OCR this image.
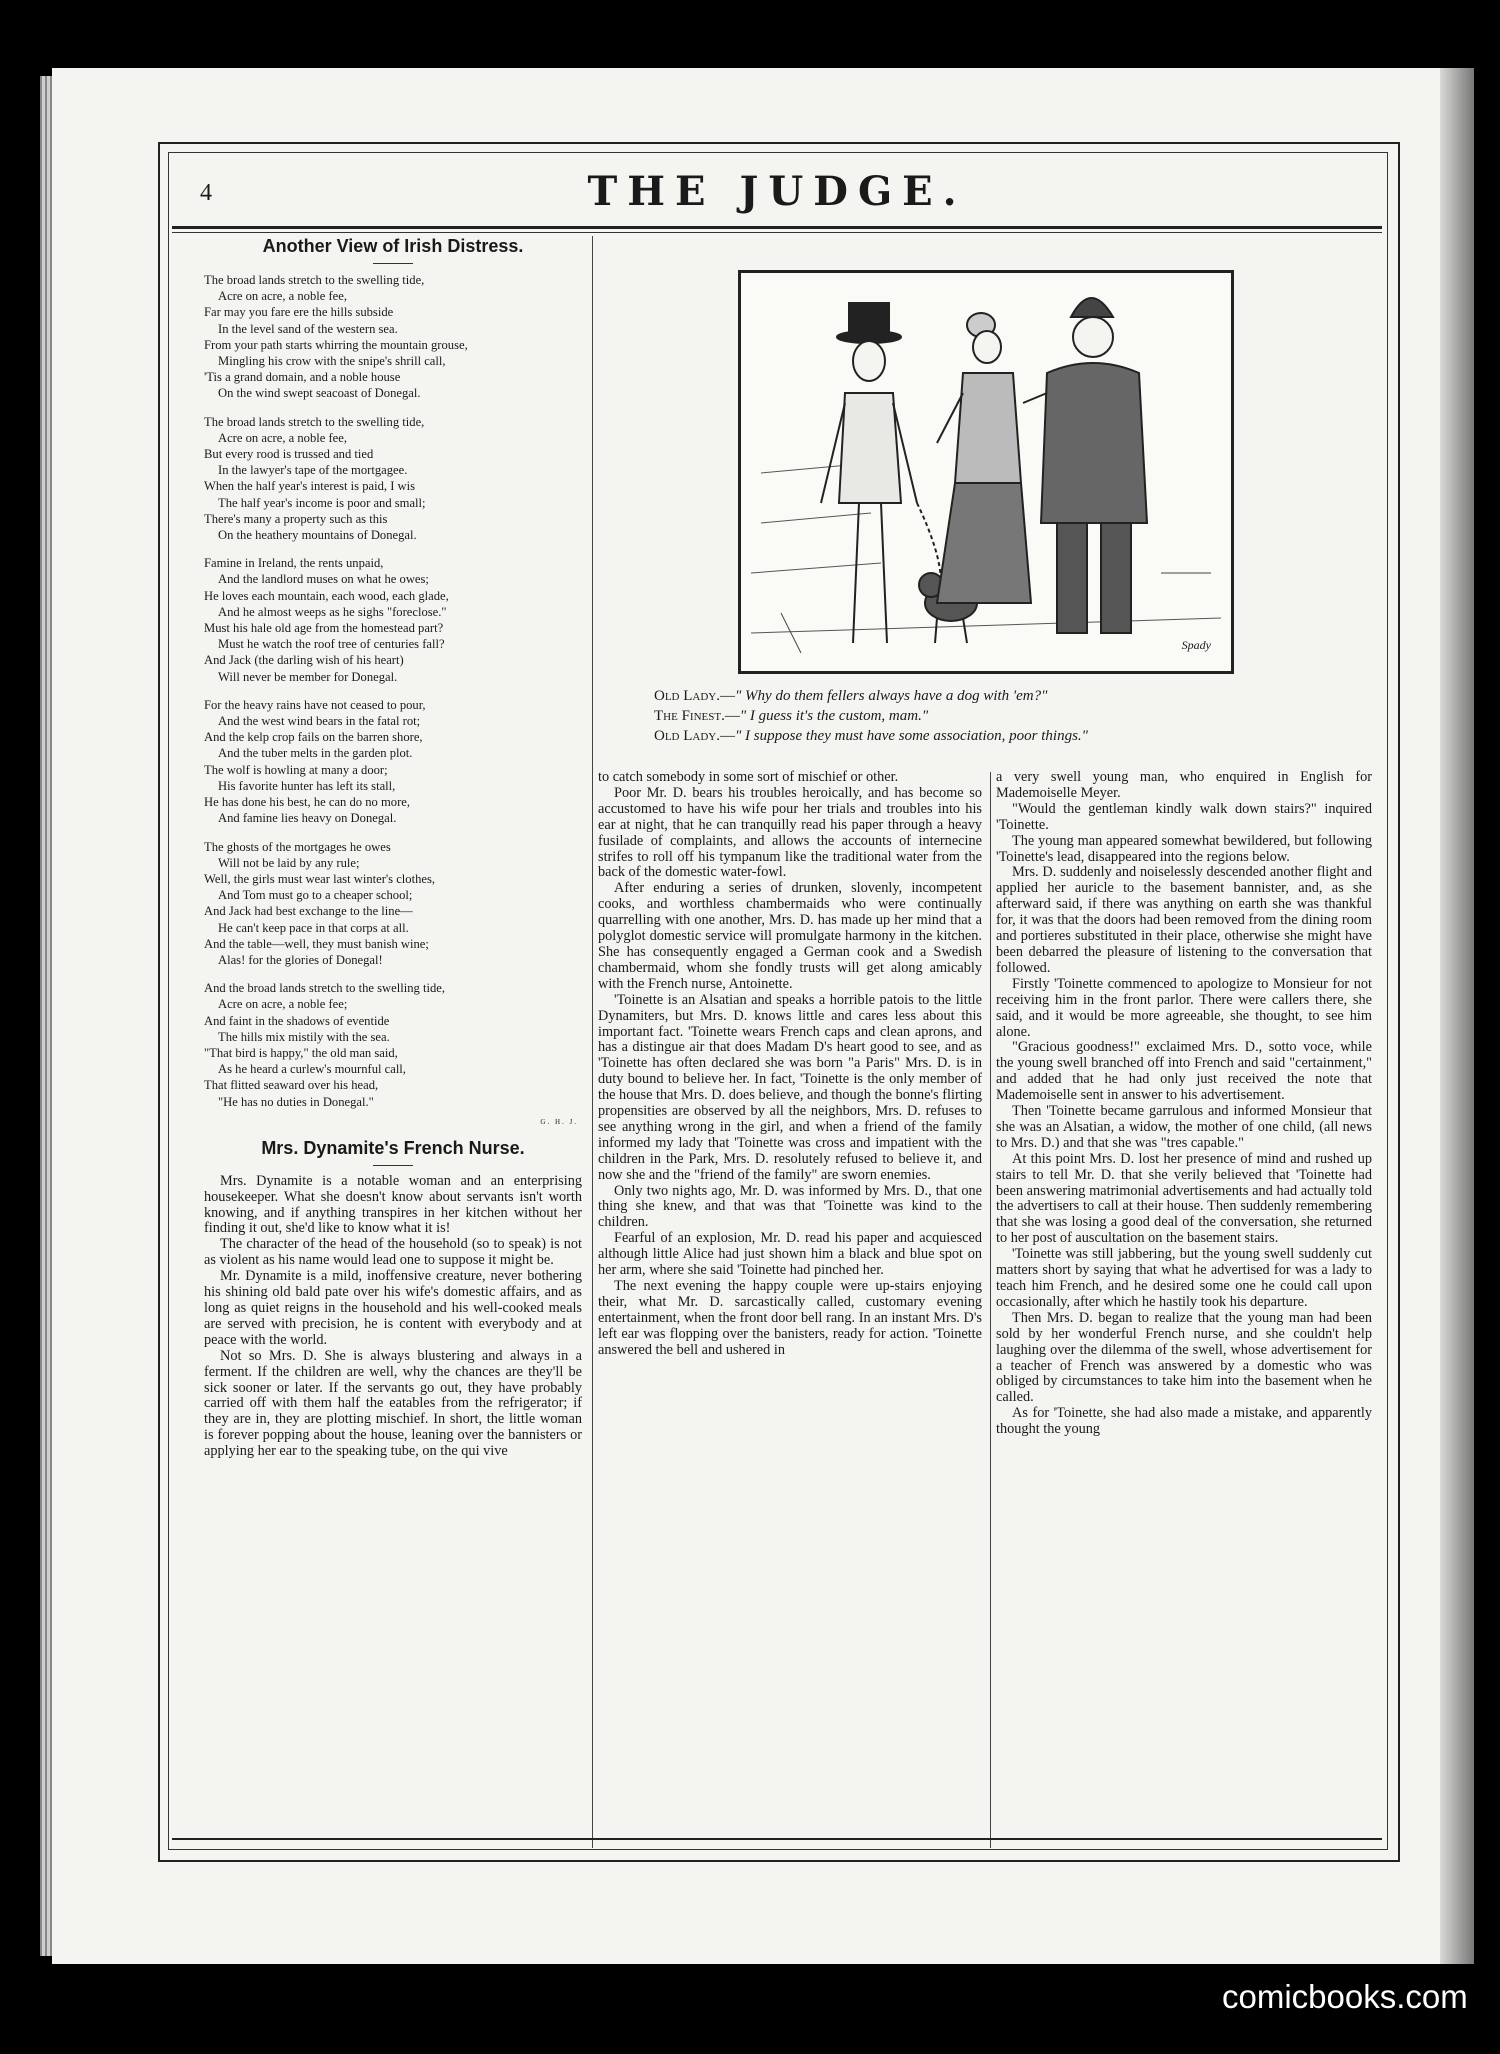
4	THE JUDGE.
Another View of Irish Distress.
The broad lands stretch to the swelling tide,
Acre on acre, a noble fee,
Far may you fare ere the hills subside
In the level sand of the western sea.
From your path starts whirring the mountain grouse,
Mingling his crow with the snipe's shrill call,
'Tis a grand domain, and a noble house
On the wind swept seacoast of Donegal.
The broad lands stretch to the swelling tide,
Acre on acre, a noble fee,
But every rood is trussed and tied
In the lawyer's tape of the mortgagee.
When the half year's interest is paid, I wis
The half year's income is poor and small;
There's many a property such as this
On the heathery mountains of Donegal.
Famine in Ireland, the rents unpaid,
And the landlord muses on what he owes;
He loves each mountain, each wood, each glade,
And he almost weeps as he sighs "foreclose."
Must his hale old age from the homestead part?
Must he watch the roof tree of centuries fall?
And Jack (the darling wish of his heart)
Will never be member for Donegal.
For the heavy rains have not ceased to pour,
And the west wind bears in the fatal rot;
And the kelp crop fails on the barren shore,
And the tuber melts in the garden plot.
The wolf is howling at many a door;
His favorite hunter has left its stall,
He has done his best, he can do no more,
And famine lies heavy on Donegal.
The ghosts of the mortgages he owes
Will not be laid by any rule;
Well, the girls must wear last winter's clothes,
And Tom must go to a cheaper school;
And Jack had best exchange to the line—
He can't keep pace in that corps at all.
And the table—well, they must banish wine;
Alas! for the glories of Donegal!
And the broad lands stretch to the swelling tide,
Acre on acre, a noble fee;
And faint in the shadows of eventide
The hills mix mistily with the sea.
"That bird is happy," the old man said,
As he heard a curlew's mournful call,
That flitted seaward over his head,
"He has no duties in Donegal."
G. H. J.
Mrs. Dynamite's French Nurse.

Mrs. Dynamite is a notable woman and an enterprising housekeeper. What she doesn't know about servants isn't worth knowing, and if anything transpires in her kitchen without her finding it out, she'd like to know what it is!

The character of the head of the household (so to speak) is not as violent as his name would lead one to suppose it might be.

Mr. Dynamite is a mild, inoffensive creature, never bothering his shining old bald pate over his wife's domestic affairs, and as long as quiet reigns in the household and his well-cooked meals are served with precision, he is content with everybody and at peace with the world.

Not so Mrs. D. She is always blustering and always in a ferment. If the children are well, why the chances are they'll be sick sooner or later. If the servants go out, they have probably carried off with them half the eatables from the refrigerator; if they are in, they are plotting mischief. In short, the little woman is forever popping about the house, leaning over the bannisters or applying her ear to the speaking tube, on the qui vive

Spady
Old Lady.—" Why do them fellers always have a dog with 'em?"
The Finest.—" I guess it's the custom, mam."
Old Lady.—" I suppose they must have some association, poor things."

to catch somebody in some sort of mischief or other.

Poor Mr. D. bears his troubles heroically, and has become so accustomed to have his wife pour her trials and troubles into his ear at night, that he can tranquilly read his paper through a heavy fusilade of complaints, and allows the accounts of internecine strifes to roll off his tympanum like the traditional water from the back of the domestic water-fowl.

After enduring a series of drunken, slovenly, incompetent cooks, and worthless chambermaids who were continually quarrelling with one another, Mrs. D. has made up her mind that a polyglot domestic service will promulgate harmony in the kitchen. She has consequently engaged a German cook and a Swedish chambermaid, whom she fondly trusts will get along amicably with the French nurse, Antoinette.

'Toinette is an Alsatian and speaks a horrible patois to the little Dynamiters, but Mrs. D. knows little and cares less about this important fact. 'Toinette wears French caps and clean aprons, and has a distingue air that does Madam D's heart good to see, and as 'Toinette has often declared she was born "a Paris" Mrs. D. is in duty bound to believe her. In fact, 'Toinette is the only member of the house that Mrs. D. does believe, and though the bonne's flirting propensities are observed by all the neighbors, Mrs. D. refuses to see anything wrong in the girl, and when a friend of the family informed my lady that 'Toinette was cross and impatient with the children in the Park, Mrs. D. resolutely refused to believe it, and now she and the "friend of the family" are sworn enemies.

Only two nights ago, Mr. D. was informed by Mrs. D., that one thing she knew, and that was that 'Toinette was kind to the children.

Fearful of an explosion, Mr. D. read his paper and acquiesced although little Alice had just shown him a black and blue spot on her arm, where she said 'Toinette had pinched her.

The next evening the happy couple were up-stairs enjoying their, what Mr. D. sarcastically called, customary evening entertainment, when the front door bell rang. In an instant Mrs. D's left ear was flopping over the banisters, ready for action. 'Toinette answered the bell and ushered in

a very swell young man, who enquired in English for Mademoiselle Meyer.

"Would the gentleman kindly walk down stairs?" inquired 'Toinette.

The young man appeared somewhat bewildered, but following 'Toinette's lead, disappeared into the regions below.

Mrs. D. suddenly and noiselessly descended another flight and applied her auricle to the basement bannister, and, as she afterward said, if there was anything on earth she was thankful for, it was that the doors had been removed from the dining room and portieres substituted in their place, otherwise she might have been debarred the pleasure of listening to the conversation that followed.

Firstly 'Toinette commenced to apologize to Monsieur for not receiving him in the front parlor. There were callers there, she said, and it would be more agreeable, she thought, to see him alone.

"Gracious goodness!" exclaimed Mrs. D., sotto voce, while the young swell branched off into French and said "certainment," and added that he had only just received the note that Mademoiselle sent in answer to his advertisement.

Then 'Toinette became garrulous and informed Monsieur that she was an Alsatian, a widow, the mother of one child, (all news to Mrs. D.) and that she was "tres capable."

At this point Mrs. D. lost her presence of mind and rushed up stairs to tell Mr. D. that she verily believed that 'Toinette had been answering matrimonial advertisements and had actually told the advertisers to call at their house. Then suddenly remembering that she was losing a good deal of the conversation, she returned to her post of auscultation on the basement stairs.

'Toinette was still jabbering, but the young swell suddenly cut matters short by saying that what he advertised for was a lady to teach him French, and he desired some one he could call upon occasionally, after which he hastily took his departure.

Then Mrs. D. began to realize that the young man had been sold by her wonderful French nurse, and she couldn't help laughing over the dilemma of the swell, whose advertisement for a teacher of French was answered by a domestic who was obliged by circumstances to take him into the basement when he called.

As for 'Toinette, she had also made a mistake, and apparently thought the young

comicbooks.com
